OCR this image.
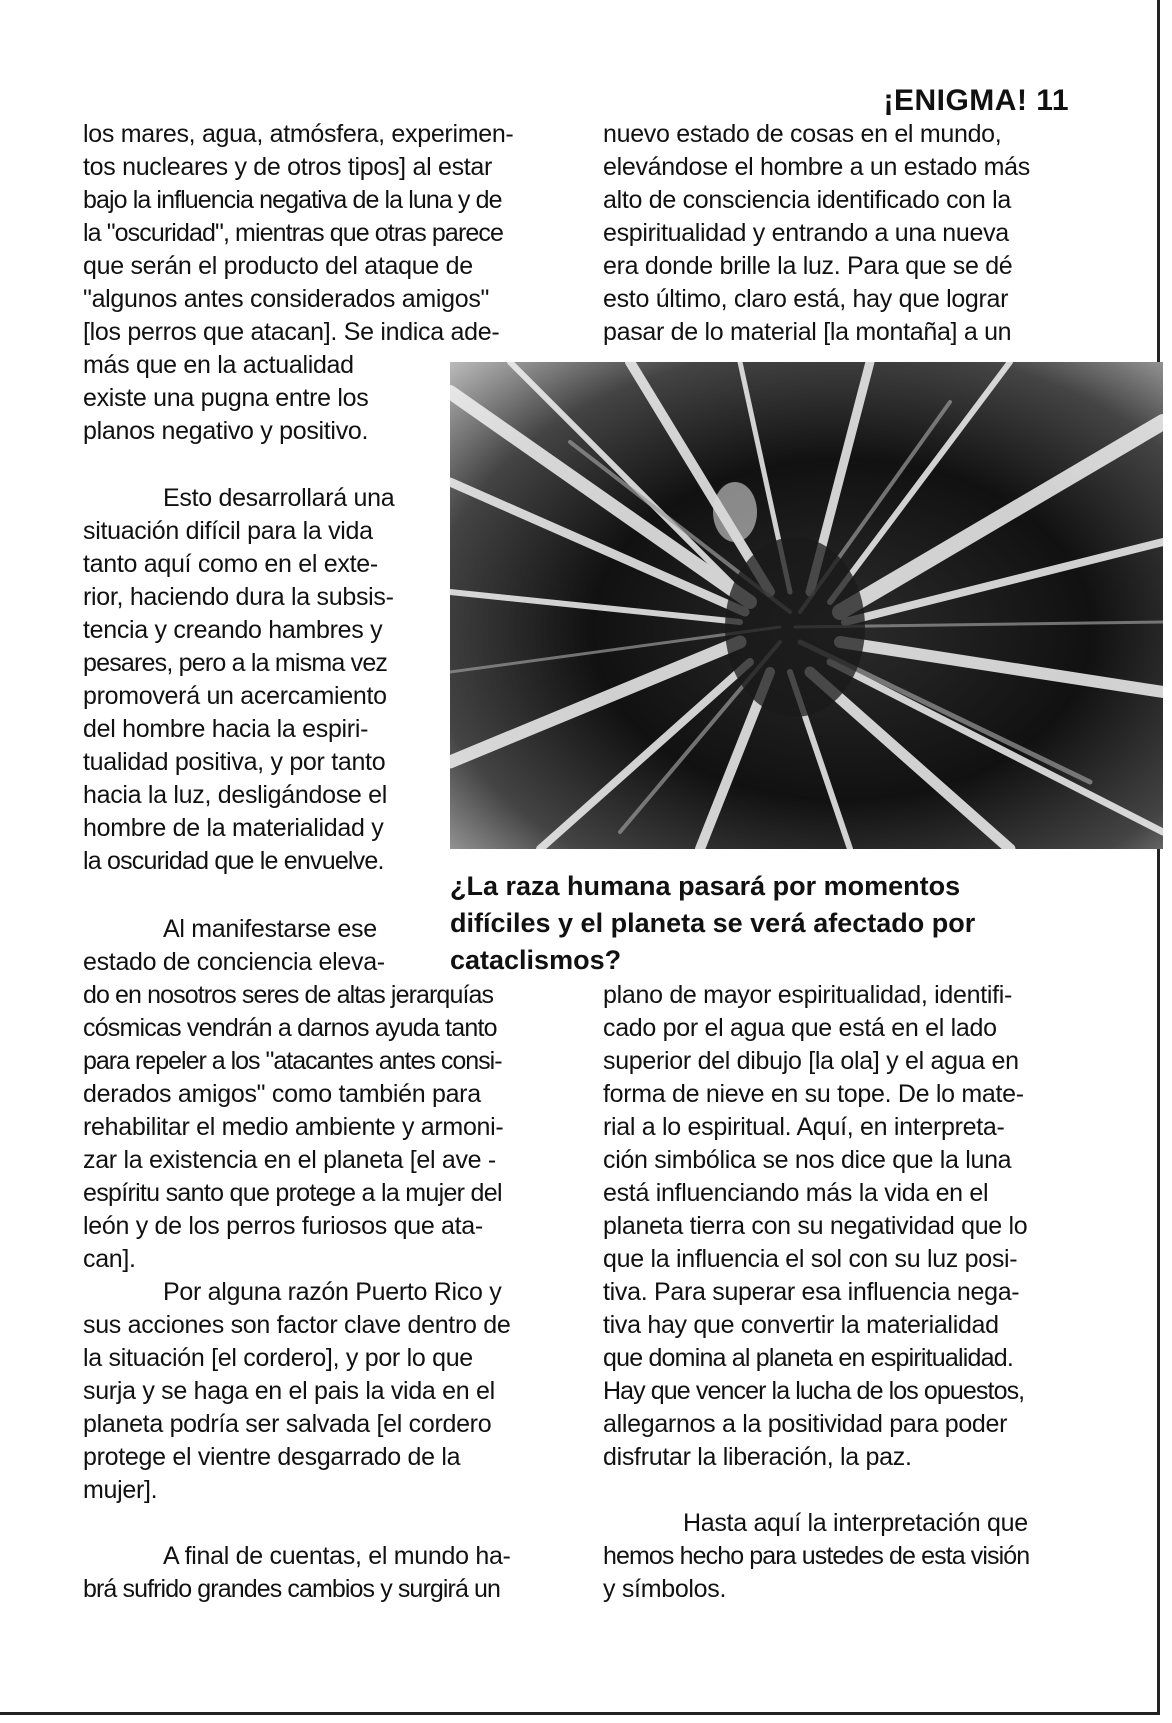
¡ENIGMA! 11
¿La raza humana pasará por momentos
difíciles y el planeta se verá afectado por
cataclismos?

los mares, agua, atmósfera, experimen-

tos nucleares y de otros tipos] al estar

bajo la influencia negativa de la luna y de

la "oscuridad", mientras que otras parece

que serán el producto del ataque de

"algunos antes considerados amigos"

[los perros que atacan]. Se indica ade-

más que en la actualidad

existe una pugna entre los

planos negativo y positivo.

Esto desarrollará una

situación difícil para la vida

tanto aquí como en el exte-

rior, haciendo dura la subsis-

tencia y creando hambres y

pesares, pero a la misma vez

promoverá un acercamiento

del hombre hacia la espiri-

tualidad positiva, y por tanto

hacia la luz, desligándose el

hombre de la materialidad y

la oscuridad que le envuelve.

Al manifestarse ese

estado de conciencia eleva-

do en nosotros seres de altas jerarquías

cósmicas vendrán a darnos ayuda tanto

para repeler a los "atacantes antes consi-

derados amigos" como también para

rehabilitar el medio ambiente y armoni-

zar la existencia en el planeta [el ave -

espíritu santo que protege a la mujer del

león y de los perros furiosos que ata-

can].

Por alguna razón Puerto Rico y

sus acciones son factor clave dentro de

la situación [el cordero], y por lo que

surja y se haga en el pais la vida en el

planeta podría ser salvada [el cordero

protege el vientre desgarrado de la

mujer].

A final de cuentas, el mundo ha-

brá sufrido grandes cambios y surgirá un

nuevo estado de cosas en el mundo,

elevándose el hombre a un estado más

alto de consciencia identificado con la

espiritualidad y entrando a una nueva

era donde brille la luz. Para que se dé

esto último, claro está, hay que lograr

pasar de lo material [la montaña] a un

plano de mayor espiritualidad, identifi-

cado por el agua que está en el lado

superior del dibujo [la ola] y el agua en

forma de nieve en su tope. De lo mate-

rial a lo espiritual. Aquí, en interpreta-

ción simbólica se nos dice que la luna

está influenciando más la vida en el

planeta tierra con su negatividad que lo

que la influencia el sol con su luz posi-

tiva. Para superar esa influencia nega-

tiva hay que convertir la materialidad

que domina al planeta en espiritualidad.

Hay que vencer la lucha de los opuestos,

allegarnos a la positividad para poder

disfrutar la liberación, la paz.

Hasta aquí la interpretación que

hemos hecho para ustedes de esta visión

y símbolos.
